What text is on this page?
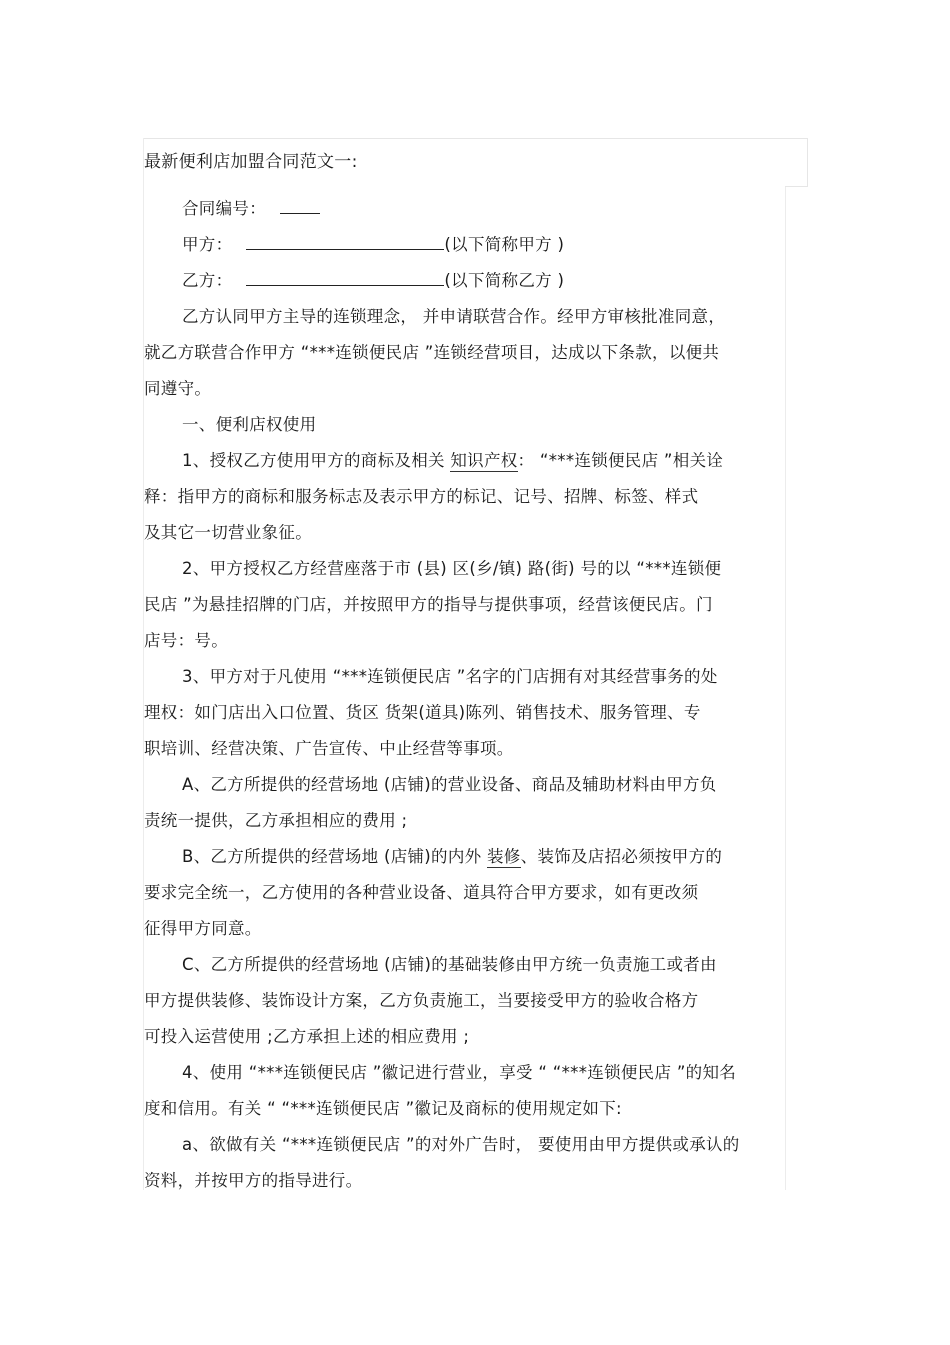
最新便利店加盟合同范文一:
合同编号：
甲方：	(以下简称甲方 )
乙方：	(以下简称乙方 )
乙方认同甲方主导的连锁理念， 并申请联营合作。经甲方审核批准同意，
就乙方联营合作甲方 “***连锁便民店 ”连锁经营项目，达成以下条款，以便共
同遵守。
一、便利店权使用
1、授权乙方使用甲方的商标及相关 知识产权： “***连锁便民店 ”相关诠
释：指甲方的商标和服务标志及表示甲方的标记、记号、招牌、标签、样式
及其它一切营业象征。
2、甲方授权乙方经营座落于市 (县) 区(乡/镇) 路(街) 号的以 “***连锁便
民店 ”为悬挂招牌的门店，并按照甲方的指导与提供事项，经营该便民店。门
店号：号。
3、甲方对于凡使用 “***连锁便民店 ”名字的门店拥有对其经营事务的处
理权：如门店出入口位置、货区 货架(道具)陈列、销售技术、服务管理、专
职培训、经营决策、广告宣传、中止经营等事项。
A、乙方所提供的经营场地 (店铺)的营业设备、商品及辅助材料由甲方负
责统一提供，乙方承担相应的费用 ;
B、乙方所提供的经营场地 (店铺)的内外 装修、装饰及店招必须按甲方的
要求完全统一，乙方使用的各种营业设备、道具符合甲方要求，如有更改须
征得甲方同意。
C、乙方所提供的经营场地 (店铺)的基础装修由甲方统一负责施工或者由
甲方提供装修、装饰设计方案，乙方负责施工，当要接受甲方的验收合格方
可投入运营使用 ;乙方承担上述的相应费用 ;
4、使用 “***连锁便民店 ”徽记进行营业，享受 “ “***连锁便民店 ”的知名
度和信用。有关 “ “***连锁便民店 ”徽记及商标的使用规定如下:
a、欲做有关 “***连锁便民店 ”的对外广告时， 要使用由甲方提供或承认的
资料，并按甲方的指导进行。
